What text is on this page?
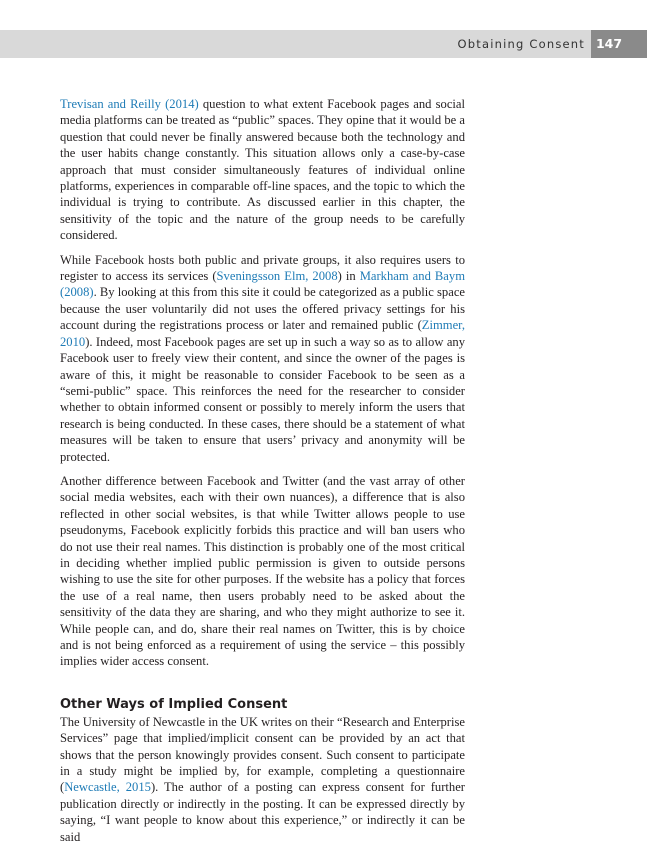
Obtaining Consent 147

Trevisan and Reilly (2014) question to what extent Facebook pages and social media platforms can be treated as “public” spaces. They opine that it would be a question that could never be finally answered because both the technology and the user habits change constantly. This situation allows only a case-by-case approach that must consider simultaneously features of individual online platforms, experiences in comparable off-line spaces, and the topic to which the individual is trying to contribute. As discussed earlier in this chapter, the sensitivity of the topic and the nature of the group needs to be carefully considered.

While Facebook hosts both public and private groups, it also requires users to register to access its services (Sveningsson Elm, 2008) in Markham and Baym (2008). By looking at this from this site it could be categorized as a public space because the user voluntarily did not uses the offered privacy settings for his account during the registrations process or later and remained public (Zimmer, 2010). Indeed, most Facebook pages are set up in such a way so as to allow any Facebook user to freely view their content, and since the owner of the pages is aware of this, it might be reasonable to consider Facebook to be seen as a “semi-public” space. This reinforces the need for the researcher to consider whether to obtain informed consent or possibly to merely inform the users that research is being conducted. In these cases, there should be a statement of what measures will be taken to ensure that users’ privacy and anonymity will be protected.

Another difference between Facebook and Twitter (and the vast array of other social media websites, each with their own nuances), a difference that is also reflected in other social websites, is that while Twitter allows people to use pseudonyms, Facebook explicitly forbids this practice and will ban users who do not use their real names. This distinction is probably one of the most critical in deciding whether implied public permission is given to outside persons wishing to use the site for other purposes. If the website has a policy that forces the use of a real name, then users probably need to be asked about the sensitivity of the data they are sharing, and who they might authorize to see it. While people can, and do, share their real names on Twitter, this is by choice and is not being enforced as a requirement of using the service – this possibly implies wider access consent.

Other Ways of Implied Consent

The University of Newcastle in the UK writes on their “Research and Enterprise Services” page that implied/implicit consent can be provided by an act that shows that the person knowingly provides consent. Such consent to participate in a study might be implied by, for example, completing a questionnaire (Newcastle, 2015). The author of a posting can express consent for further publication directly or indirectly in the posting. It can be expressed directly by saying, “I want people to know about this experience,” or indirectly it can be said
